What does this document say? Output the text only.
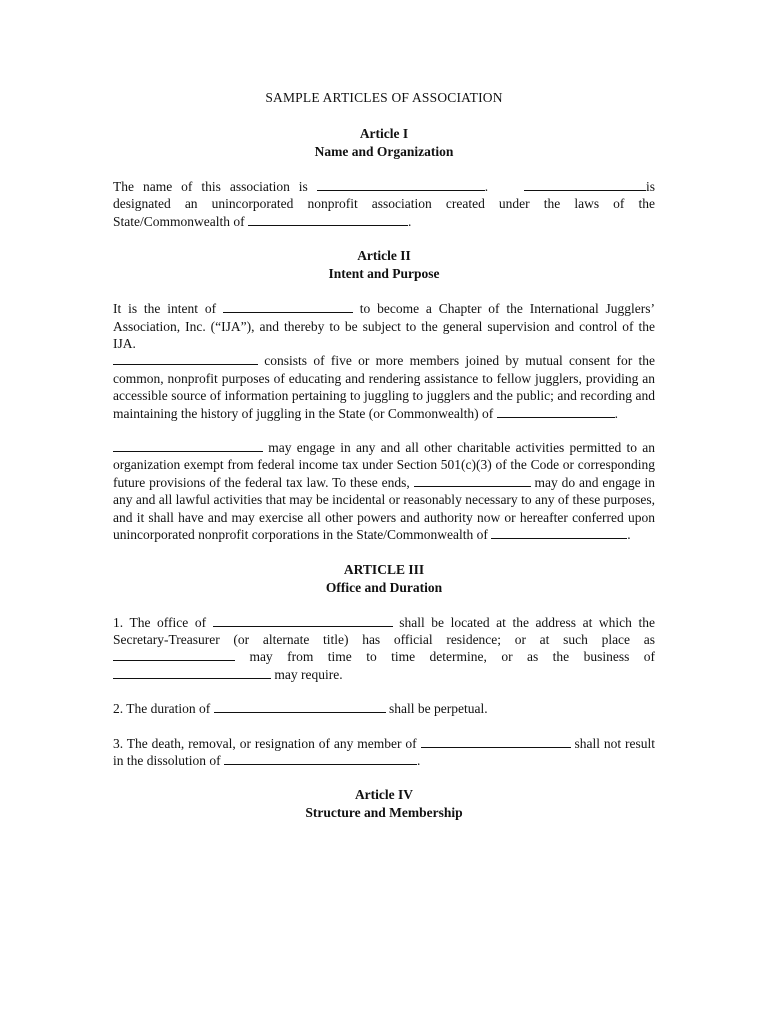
SAMPLE ARTICLES OF ASSOCIATION
Article I
Name and Organization

The name of this association is	.	is designated an unincorporated nonprofit association created under the laws of the State/Commonwealth of	.

Article II
Intent and Purpose

It is the intent of	to become a Chapter of the International Jugglers’ Association, Inc. (“IJA”), and thereby to be subject to the general supervision and control of the IJA.

consists of five or more members joined by mutual consent for the common, nonprofit purposes of educating and rendering assistance to fellow jugglers, providing an accessible source of information pertaining to juggling to jugglers and the public; and recording and maintaining the history of juggling in the State (or Commonwealth) of	.

may engage in any and all other charitable activities permitted to an organization exempt from federal income tax under Section 501(c)(3) of the Code or corresponding future provisions of the federal tax law. To these ends,	may do and engage in any and all lawful activities that may be incidental or reasonably necessary to any of these purposes, and it shall have and may exercise all other powers and authority now or hereafter conferred upon unincorporated nonprofit corporations in the State/Commonwealth of	.

ARTICLE III
Office and Duration

1. The office of	shall be located at the address at which the Secretary-Treasurer (or alternate title) has official residence; or at such place as  may from time to time determine, or as the business of  may require.

2. The duration of	shall be perpetual.

3. The death, removal, or resignation of any member of	shall not result in the dissolution of	.

Article IV
Structure and Membership
